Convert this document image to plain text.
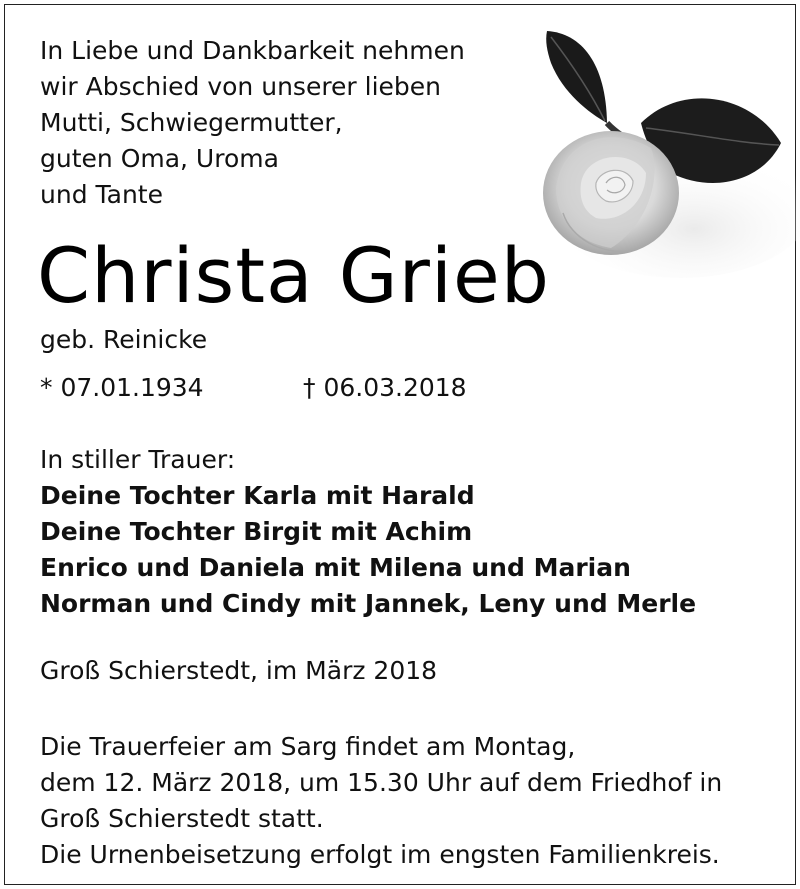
In Liebe und Dankbarkeit nehmen
wir Abschied von unserer lieben
Mutti, Schwiegermutter,
guten Oma, Uroma
und Tante
Christa Grieb
geb. Reinicke
* 07.01.1934	† 06.03.2018
In stiller Trauer:
Deine Tochter Karla mit Harald
Deine Tochter Birgit mit Achim
Enrico und Daniela mit Milena und Marian
Norman und Cindy mit Jannek, Leny und Merle
Groß Schierstedt, im März 2018
Die Trauerfeier am Sarg findet am Montag,
dem 12. März 2018, um 15.30 Uhr auf dem Friedhof in
Groß Schierstedt statt.
Die Urnenbeisetzung erfolgt im engsten Familienkreis.
